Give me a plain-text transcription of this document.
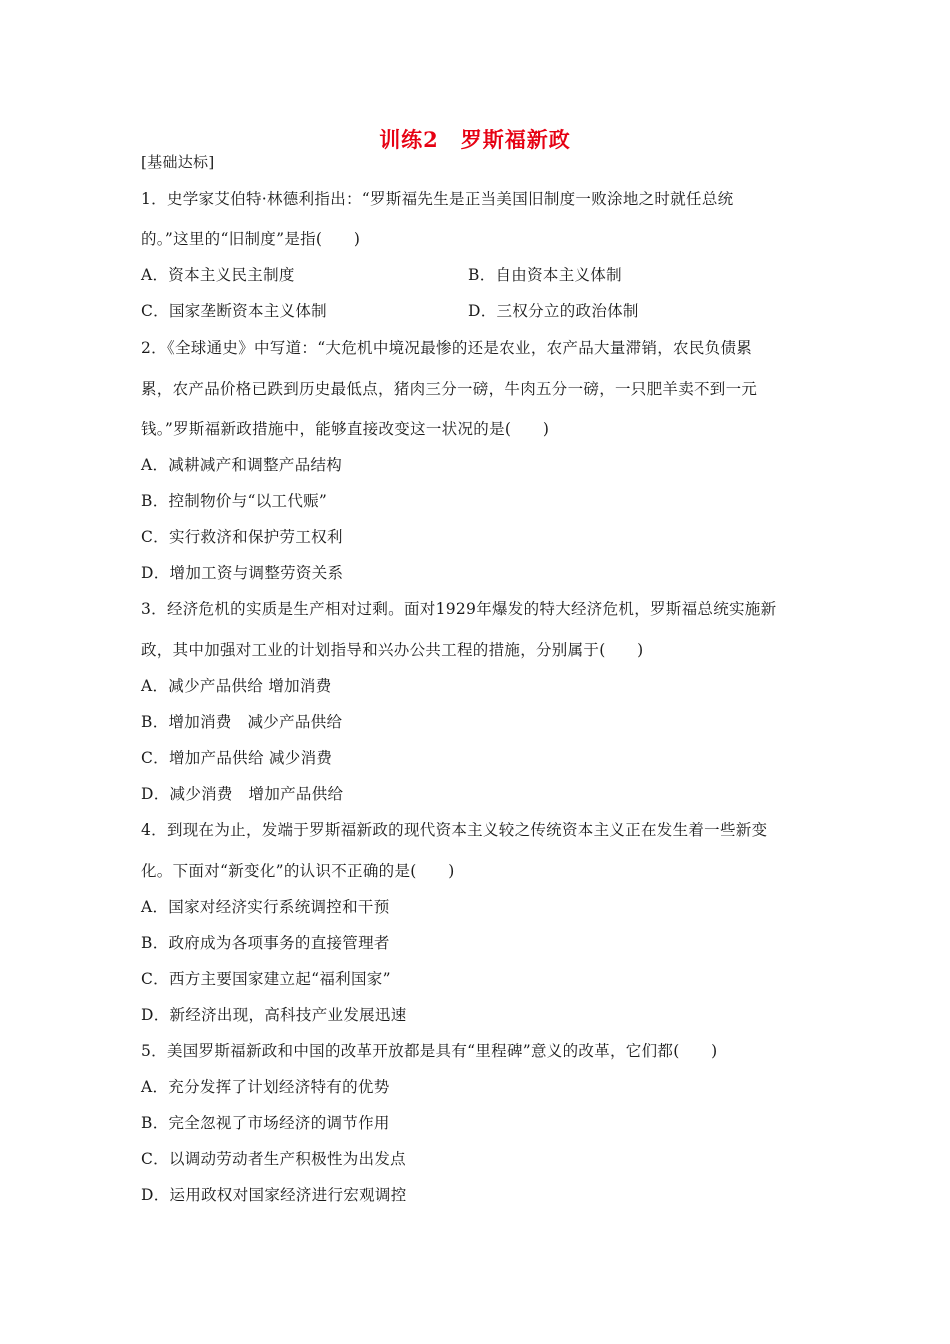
训练2　罗斯福新政
[基础达标]
1．史学家艾伯特·林德利指出：“罗斯福先生是正当美国旧制度一败涂地之时就任总统
的。”这里的“旧制度”是指(　　)
A．资本主义民主制度	B．自由资本主义体制
C．国家垄断资本主义体制	D．三权分立的政治体制
2．《全球通史》中写道：“大危机中境况最惨的还是农业，农产品大量滞销，农民负债累
累，农产品价格已跌到历史最低点，猪肉三分一磅，牛肉五分一磅，一只肥羊卖不到一元
钱。”罗斯福新政措施中，能够直接改变这一状况的是(　　)
A．减耕减产和调整产品结构
B．控制物价与“以工代赈”
C．实行救济和保护劳工权利
D．增加工资与调整劳资关系
3．经济危机的实质是生产相对过剩。面对1929年爆发的特大经济危机，罗斯福总统实施新
政，其中加强对工业的计划指导和兴办公共工程的措施，分别属于(　　)
A．减少产品供给 增加消费
B．增加消费　减少产品供给
C．增加产品供给 减少消费
D．减少消费　增加产品供给
4．到现在为止，发端于罗斯福新政的现代资本主义较之传统资本主义正在发生着一些新变
化。下面对“新变化”的认识不正确的是(　　)
A．国家对经济实行系统调控和干预
B．政府成为各项事务的直接管理者
C．西方主要国家建立起“福利国家”
D．新经济出现，高科技产业发展迅速
5．美国罗斯福新政和中国的改革开放都是具有“里程碑”意义的改革，它们都(　　)
A．充分发挥了计划经济特有的优势
B．完全忽视了市场经济的调节作用
C．以调动劳动者生产积极性为出发点
D．运用政权对国家经济进行宏观调控
